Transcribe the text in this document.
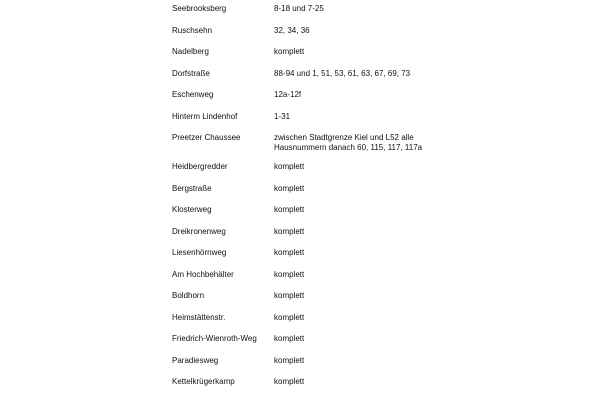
Seebrooksberg	8-18 und 7-25
Ruschsehn	32, 34, 36
Nadelberg	komplett
Dorfstraße	88-94 und 1, 51, 53, 61, 63, 67, 69, 73
Eschenweg	12a-12f
Hinterm Lindenhof	1-31
Preetzer Chaussee	zwischen Stadtgrenze Kiel und L52 alle Hausnummern danach 60, 115, 117, 117a
Heidbergredder	komplett
Bergstraße	komplett
Klosterweg	komplett
Dreikronenweg	komplett
Liesenhörnweg	komplett
Am Hochbehälter	komplett
Boldhorn	komplett
Heimstättenstr.	komplett
Friedrich-Wienroth-Weg komplett
Paradiesweg	komplett
Kettelkrügerkamp	komplett
